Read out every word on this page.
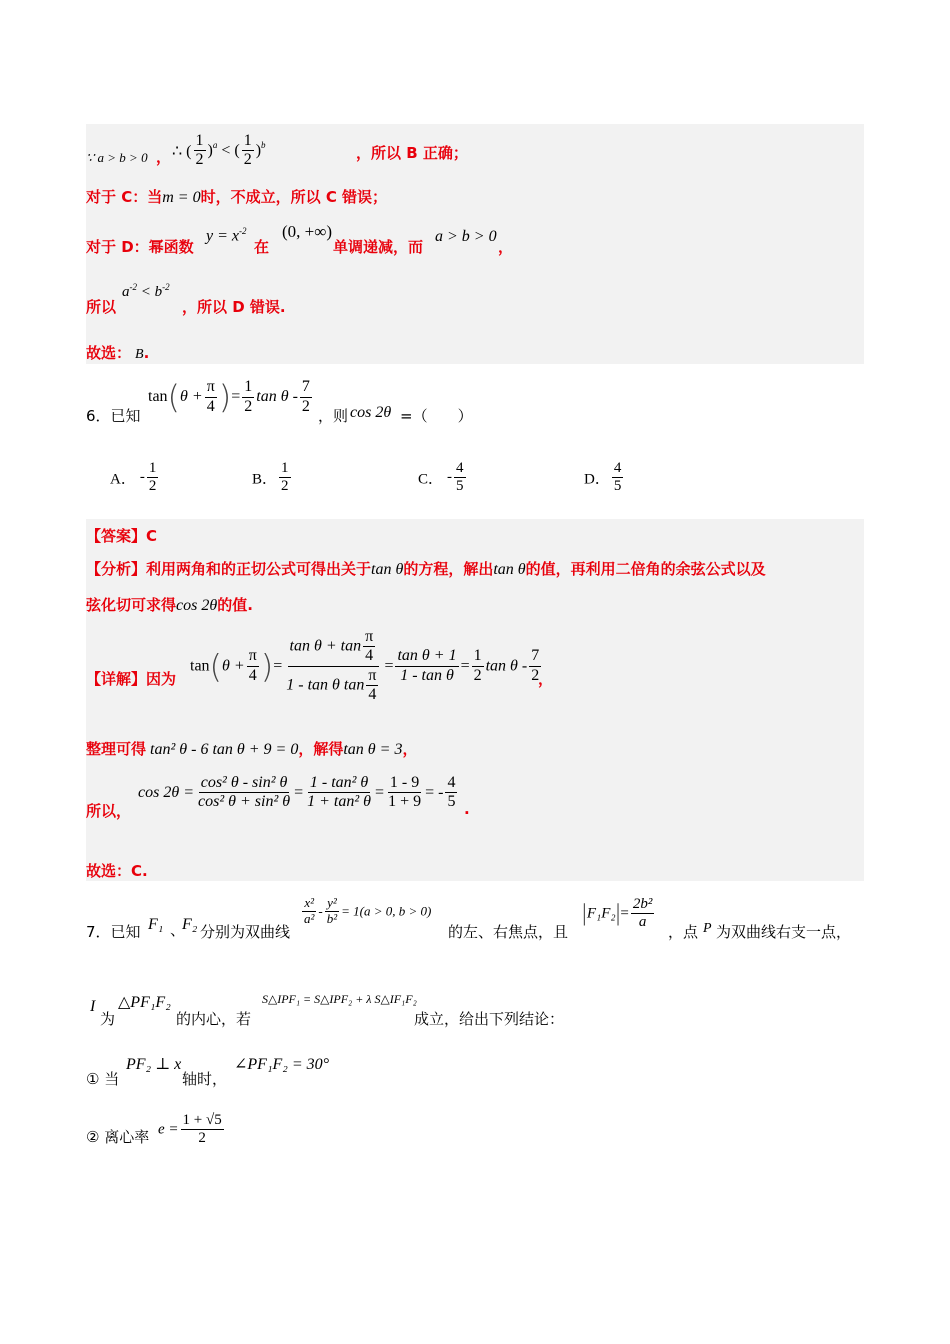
∵ a > b > 0 ， ∴ ( $\frac{1}{2} )^a$ < ( $\frac{1}{2} )^b$	，所以 B 正确；
对于 C：当m = 0时，不成立，所以 C 错误；
对于 D：幂函数
$y = x^{-2}$
在
(0, +∞)
单调递减，而
a > b > 0
，
所以
$a^{-2} < b^{-2}$
，所以 D 错误.
故选： B.
6．已知
$\tan(\theta + \frac{\pi}{4}$ )= $\frac{1}{2}$ tan θ - $\frac{7}{2}$
，则 cos 2θ =（　　）
A． - $\frac{1}{2}$	B． $\frac{1}{2}$	C． - $\frac{4}{5}$	D． $\frac{4}{5}$
【答案】C
【分析】利用两角和的正切公式可得出关于tan θ的方程，解出tan θ的值，再利用二倍角的余弦公式以及
弦化切可求得cos 2θ的值.
【详解】因为
$\tan(\theta + \frac{\pi}{4}$ )= $\frac{\tan \theta + \tan \frac{\pi}{4}}{1 - \tan \theta \tan \frac{\pi}{4}} = \frac{\text{tan θ + 1}}{\text{1 - tan θ}} = \frac{1}{2}$ tan θ - $\frac{7}{2}$
，
整理可得 tan² θ - 6 tan θ + 9 = 0，解得tan θ = 3，
所以，
$\cos 2\theta = \frac{\text{cos² θ - sin² θ}}{\text{cos² θ + sin² θ}} = \frac{\text{1 - tan² θ}}{\text{1 + tan² θ}} = \frac{1 - 9}{1 + 9}$ = - $\frac{4}{5}$ .
故选：C.
7．已知 F₁ 、
F₂ 分别为双曲线
$\frac{\text{x²}}{\text{a²}} - \frac{\text{y²}}{\text{b²}} = 1(a > 0$, b > 0)
的左、右焦点，且
$|F_1F_2|= \frac{\text{2b²}}{a}$
，点 P 为双曲线右支一点，
I
为
△PF₁F₂
的内心，若
S△IPF₁ = S△IPF₂ + λ S△IF₁F₂
成立，给出下列结论：
① 当
PF₂ ⊥ x
轴时，
∠PF₁F₂ = 30°
② 离心率 $e = \frac{1 + √5}{2}$
